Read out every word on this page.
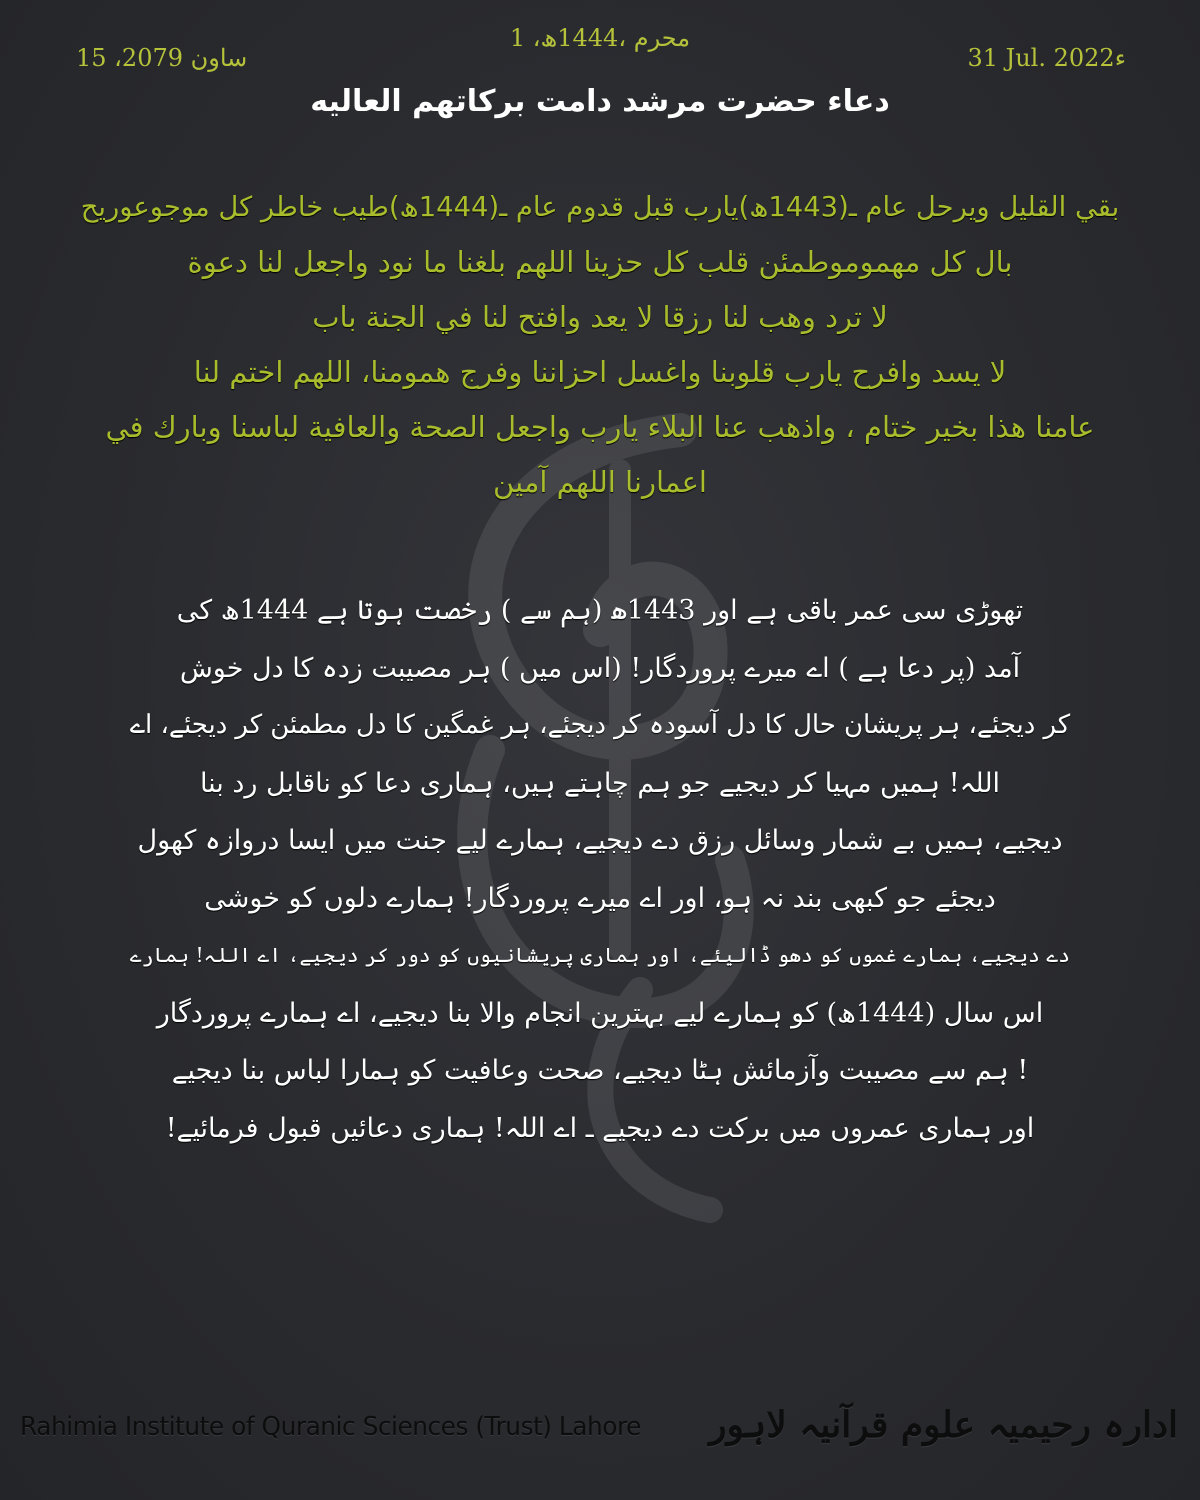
15 ،ساون 2079
1 ،محرم ،1444ھ
31 Jul. 2022ء
دعاء حضرت مرشد دامت برکاتهم العاليه
بقي القليل ويرحل عام ـ(1443ھ)يارب قبل قدوم عام ـ(1444ھ)طيب خاطر كل موجوعوريح
بال كل مهموموطمئن قلب كل حزينا اللهم بلغنا ما نود واجعل لنا دعوة
لا ترد وهب لنا رزقا لا يعد وافتح لنا في الجنة باب
لا يسد وافرح يارب قلوبنا واغسل احزاننا وفرج همومنا، اللهم اختم لنا
عامنا هذا بخير ختام ، واذهب عنا البلاء يارب واجعل الصحة والعافية لباسنا وبارك في
اعمارنا اللهم آمين
تھوڑی سی عمر باقی ہے اور 1443ھ (ہم سے ) رخصت ہوتا ہے 1444ھ کی
آمد (پر دعا ہے ) اے میرے پروردگار! (اس میں ) ہر مصیبت زدہ کا دل خوش
کر دیجئے، ہر پریشان حال کا دل آسودہ کر دیجئے، ہر غمگین کا دل مطمئن کر دیجئے، اے
اللہ! ہمیں مہیا کر دیجیے جو ہم چاہتے ہیں، ہماری دعا کو ناقابل رد بنا
دیجیے، ہمیں بے شمار وسائل رزق دے دیجیے، ہمارے لیے جنت میں ایسا دروازہ کھول
دیجئے جو کبھی بند نہ ہو، اور اے میرے پروردگار! ہمارے دلوں کو خوشی
دے دیجیے، ہمارے غموں کو دھو ڈالیئے، اور ہماری پریشانیوں کو دور کر دیجیے، اے اللہ! ہمارے
اس سال (1444ھ) کو ہمارے لیے بہترین انجام والا بنا دیجیے، اے ہمارے پروردگار
! ہم سے مصیبت وآزمائش ہٹا دیجیے، صحت وعافیت کو ہمارا لباس بنا دیجیے
اور ہماری عمروں میں برکت دے دیجیے ـ اے اللہ! ہماری دعائیں قبول فرمائیے!
Rahimia Institute of Quranic Sciences (Trust) Lahore ادارہ رحیمیہ علوم قرآنیہ لاہور
